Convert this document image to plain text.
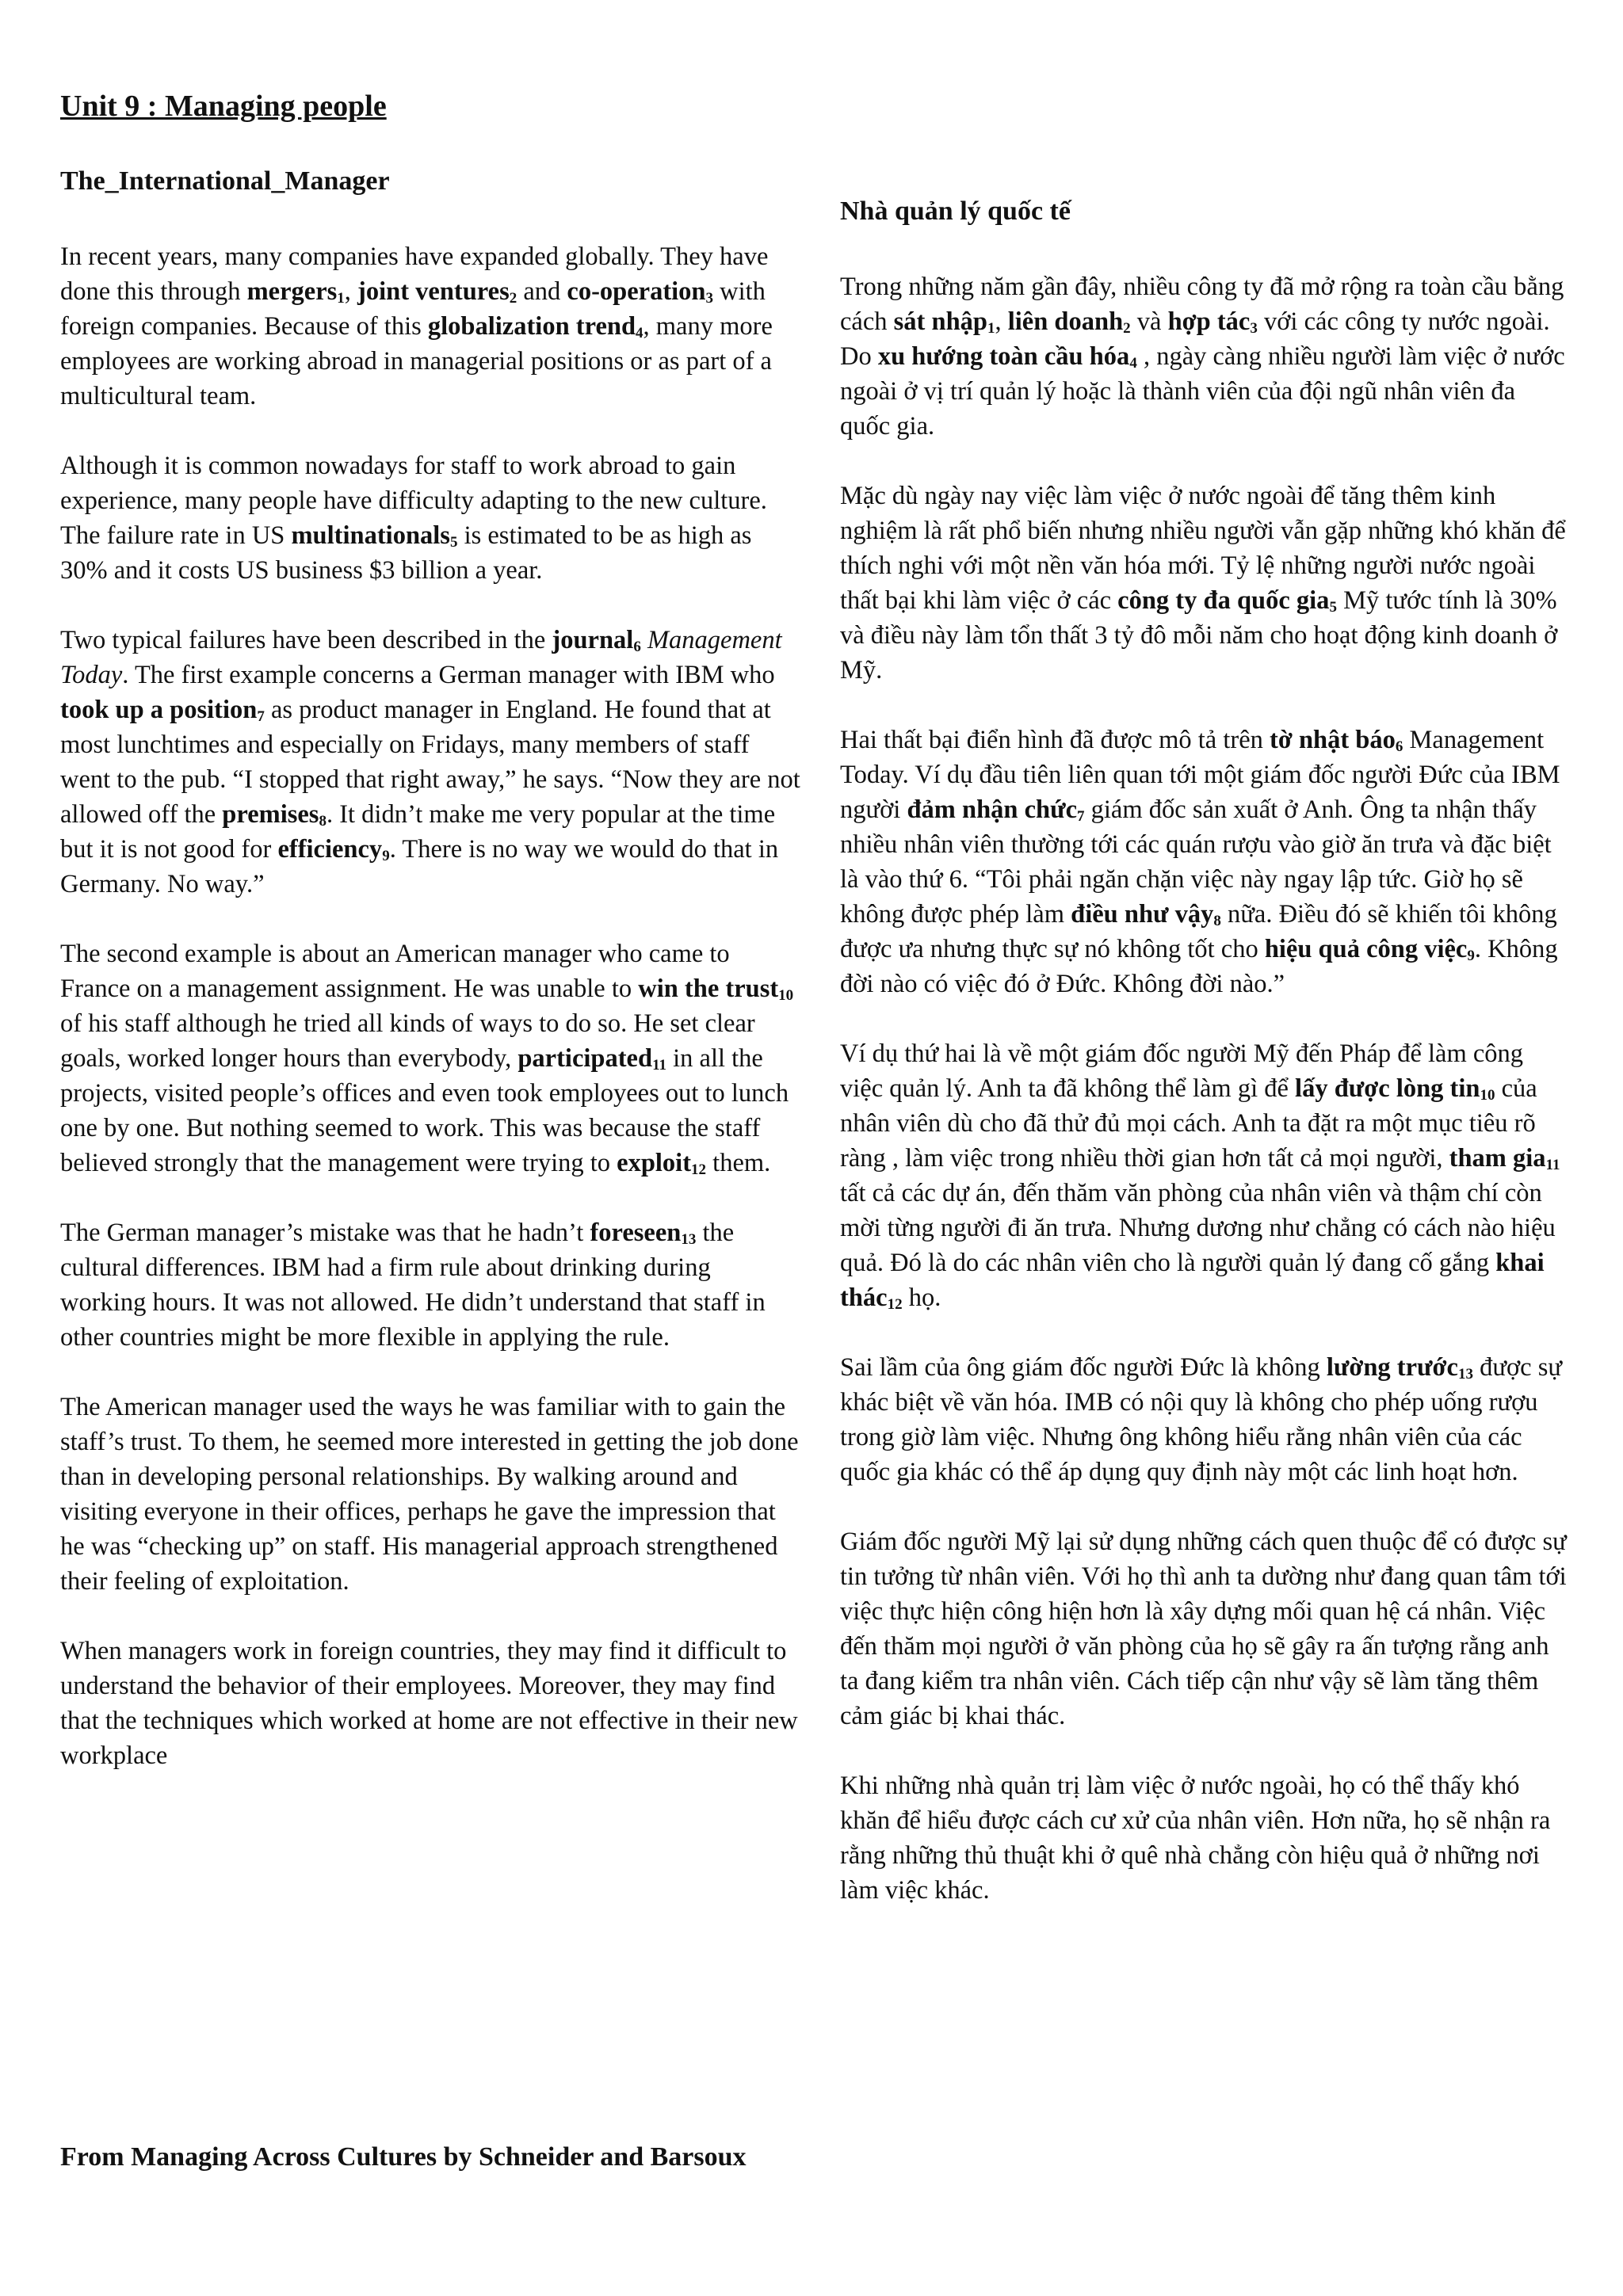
Unit 9 : Managing people
The_International_Manager

In recent years, many companies have expanded globally. They have done this through mergers$_1$, joint ventures$_2$ and co-operation$_3$ with foreign companies. Because of this globalization trend$_4$, many more employees are working abroad in managerial positions or as part of a multicultural team.

Although it is common nowadays for staff to work abroad to gain experience, many people have difficulty adapting to the new culture. The failure rate in US multinationals$_5$ is estimated to be as high as 30% and it costs US business $3 billion a year.

Two typical failures have been described in the journal$_6$ Management Today. The first example concerns a German manager with IBM who took up a position$_7$ as product manager in England. He found that at most lunchtimes and especially on Fridays, many members of staff went to the pub. “I stopped that right away,” he says. “Now they are not allowed off the premises$_8$. It didn’t make me very popular at the time but it is not good for efficiency$_9$. There is no way we would do that in Germany. No way.”

The second example is about an American manager who came to France on a management assignment. He was unable to win the trust$_{10}$ of his staff although he tried all kinds of ways to do so. He set clear goals, worked longer hours than everybody, participated$_{11}$ in all the projects, visited people’s offices and even took employees out to lunch one by one. But nothing seemed to work. This was because the staff believed strongly that the management were trying to exploit$_{12}$ them.

The German manager’s mistake was that he hadn’t foreseen$_{13}$ the cultural differences. IBM had a firm rule about drinking during working hours. It was not allowed. He didn’t understand that staff in other countries might be more flexible in applying the rule.

The American manager used the ways he was familiar with to gain the staff’s trust. To them, he seemed more interested in getting the job done than in developing personal relationships. By walking around and visiting everyone in their offices, perhaps he gave the impression that he was “checking up” on staff. His managerial approach strengthened their feeling of exploitation.

When managers work in foreign countries, they may find it difficult to understand the behavior of their employees. Moreover, they may find that the techniques which worked at home are not effective in their new workplace

Nhà quản lý quốc tế

Trong những năm gần đây, nhiều công ty đã mở rộng ra toàn cầu bằng cách sát nhập$_1$, liên doanh$_2$ và hợp tác$_3$ với các công ty nước ngoài. Do xu hướng toàn cầu hóa$_4$ , ngày càng nhiều người làm việc ở nước ngoài ở vị trí quản lý hoặc là thành viên của đội ngũ nhân viên đa quốc gia.

Mặc dù ngày nay việc làm việc ở nước ngoài để tăng thêm kinh nghiệm là rất phổ biến nhưng nhiều người vẫn gặp những khó khăn để thích nghi với một nền văn hóa mới. Tỷ lệ những người nước ngoài thất bại khi làm việc ở các công ty đa quốc gia$_5$ Mỹ tước tính là 30% và điều này làm tổn thất 3 tỷ đô mỗi năm cho hoạt động kinh doanh ở Mỹ.

Hai thất bại điển hình đã được mô tả trên tờ nhật báo$_6$ Management Today. Ví dụ đầu tiên liên quan tới một giám đốc người Đức của IBM người đảm nhận chức$_7$ giám đốc sản xuất ở Anh. Ông ta nhận thấy nhiều nhân viên thường tới các quán rượu vào giờ ăn trưa và đặc biệt là vào thứ 6. “Tôi phải ngăn chặn việc này ngay lập tức. Giờ họ sẽ không được phép làm điều như vậy$_8$ nữa. Điều đó sẽ khiến tôi không được ưa nhưng thực sự nó không tốt cho hiệu quả công việc$_9$. Không đời nào có việc đó ở Đức. Không đời nào.”

Ví dụ thứ hai là về một giám đốc người Mỹ đến Pháp để làm công việc quản lý. Anh ta đã không thể làm gì để lấy được lòng tin$_{10}$ của nhân viên dù cho đã thử đủ mọi cách. Anh ta đặt ra một mục tiêu rõ ràng , làm việc trong nhiều thời gian hơn tất cả mọi người, tham gia$_{11}$ tất cả các dự án, đến thăm văn phòng của nhân viên và thậm chí còn mời từng người đi ăn trưa. Nhưng dương như chẳng có cách nào hiệu quả. Đó là do các nhân viên cho là người quản lý đang cố gắng khai thác$_{12}$ họ.

Sai lầm của ông giám đốc người Đức là không lường trước$_{13}$ được sự khác biệt về văn hóa. IMB có nội quy là không cho phép uống rượu trong giờ làm việc. Nhưng ông không hiểu rằng nhân viên của các quốc gia khác có thể áp dụng quy định này một các linh hoạt hơn.

Giám đốc người Mỹ lại sử dụng những cách quen thuộc để có được sự tin tưởng từ nhân viên. Với họ thì anh ta dường như đang quan tâm tới việc thực hiện công hiện hơn là xây dựng mối quan hệ cá nhân. Việc đến thăm mọi người ở văn phòng của họ sẽ gây ra ấn tượng rằng anh ta đang kiểm tra nhân viên. Cách tiếp cận như vậy sẽ làm tăng thêm cảm giác bị khai thác.

Khi những nhà quản trị làm việc ở nước ngoài, họ có thể thấy khó khăn để hiểu được cách cư xử của nhân viên. Hơn nữa, họ sẽ nhận ra rằng những thủ thuật khi ở quê nhà chẳng còn hiệu quả ở những nơi làm việc khác.

From Managing Across Cultures by Schneider and Barsoux
